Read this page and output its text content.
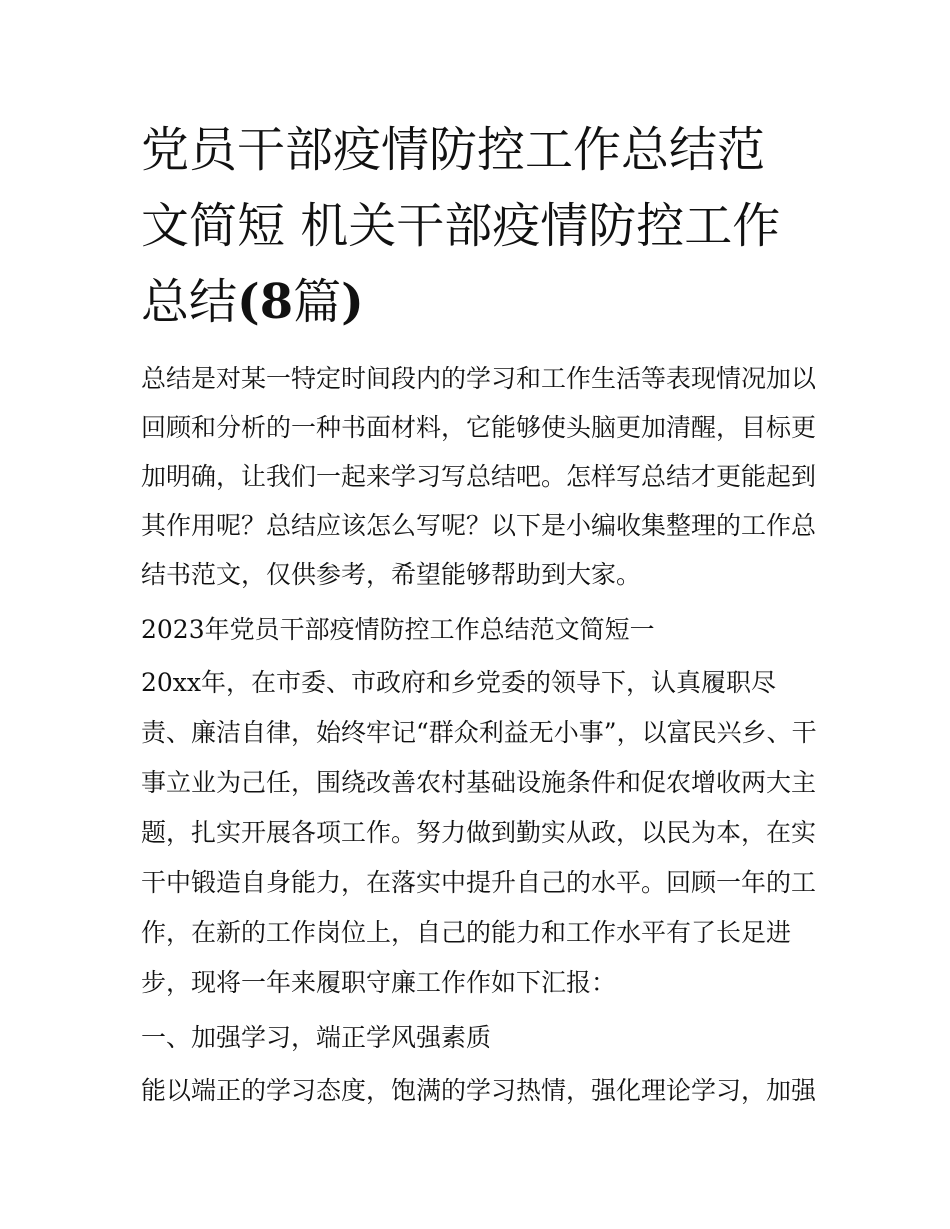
党员干部疫情防控工作总结范
文简短 机关干部疫情防控工作
总结(8篇)
总结是对某一特定时间段内的学习和工作生活等表现情况加以
回顾和分析的一种书面材料，它能够使头脑更加清醒，目标更
加明确，让我们一起来学习写总结吧。怎样写总结才更能起到
其作用呢？总结应该怎么写呢？以下是小编收集整理的工作总
结书范文，仅供参考，希望能够帮助到大家。
2023年党员干部疫情防控工作总结范文简短一
20xx年，在市委、市政府和乡党委的领导下，认真履职尽
责、廉洁自律，始终牢记“群众利益无小事”，以富民兴乡、干
事立业为己任，围绕改善农村基础设施条件和促农增收两大主
题，扎实开展各项工作。努力做到勤实从政，以民为本，在实
干中锻造自身能力，在落实中提升自己的水平。回顾一年的工
作，在新的工作岗位上，自己的能力和工作水平有了长足进
步，现将一年来履职守廉工作作如下汇报：
一、加强学习，端正学风强素质
能以端正的学习态度，饱满的学习热情，强化理论学习，加强
